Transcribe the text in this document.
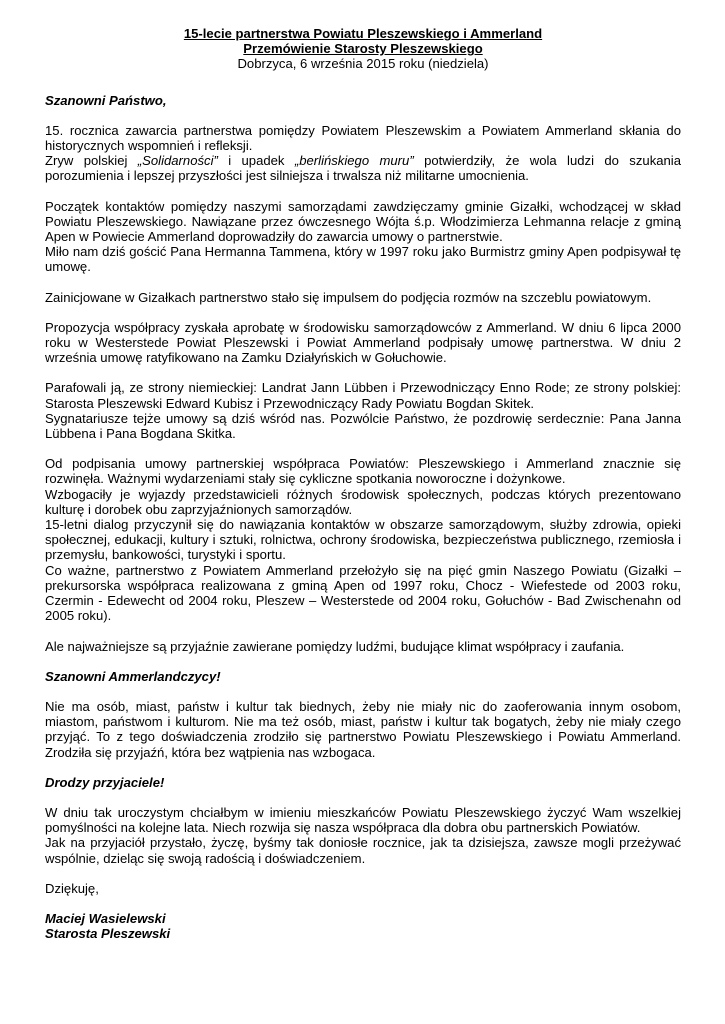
15-lecie partnerstwa Powiatu Pleszewskiego i Ammerland
Przemówienie Starosty Pleszewskiego
Dobrzyca, 6 września 2015 roku (niedziela)
Szanowni Państwo,
15. rocznica zawarcia partnerstwa pomiędzy Powiatem Pleszewskim a Powiatem Ammerland skłania do historycznych wspomnień i refleksji.
Zryw polskiej „Solidarności” i upadek „berlińskiego muru” potwierdziły, że wola ludzi do szukania porozumienia i lepszej przyszłości jest silniejsza i trwalsza niż militarne umocnienia.
Początek kontaktów pomiędzy naszymi samorządami zawdzięczamy gminie Gizałki, wchodzącej w skład Powiatu Pleszewskiego. Nawiązane przez ówczesnego Wójta ś.p. Włodzimierza Lehmanna relacje z gminą Apen w Powiecie Ammerland doprowadziły do zawarcia umowy o partnerstwie.
Miło nam dziś gościć Pana Hermanna Tammena, który w 1997 roku jako Burmistrz gminy Apen podpisywał tę umowę.
Zainicjowane w Gizałkach partnerstwo stało się impulsem do podjęcia rozmów na szczeblu powiatowym.
Propozycja współpracy zyskała aprobatę w środowisku samorządowców z Ammerland. W dniu 6 lipca 2000 roku w Westerstede Powiat Pleszewski i Powiat Ammerland podpisały umowę partnerstwa. W dniu 2 września umowę ratyfikowano na Zamku Działyńskich w Gołuchowie.
Parafowali ją, ze strony niemieckiej: Landrat Jann Lübben i Przewodniczący Enno Rode; ze strony polskiej: Starosta Pleszewski Edward Kubisz i Przewodniczący Rady Powiatu Bogdan Skitek.
Sygnatariusze tejże umowy są dziś wśród nas. Pozwólcie Państwo, że pozdrowię serdecznie: Pana Janna Lübbena i Pana Bogdana Skitka.
Od podpisania umowy partnerskiej współpraca Powiatów: Pleszewskiego i Ammerland znacznie się rozwinęła. Ważnymi wydarzeniami stały się cykliczne spotkania noworoczne i dożynkowe.
Wzbogaciły je wyjazdy przedstawicieli różnych środowisk społecznych, podczas których prezentowano kulturę i dorobek obu zaprzyjaźnionych samorządów.
15-letni dialog przyczynił się do nawiązania kontaktów w obszarze samorządowym, służby zdrowia, opieki społecznej, edukacji, kultury i sztuki, rolnictwa, ochrony środowiska, bezpieczeństwa publicznego, rzemiosła i przemysłu, bankowości, turystyki i sportu.
Co ważne, partnerstwo z Powiatem Ammerland przełożyło się na pięć gmin Naszego Powiatu (Gizałki – prekursorska współpraca realizowana z gminą Apen od 1997 roku, Chocz - Wiefestede od 2003 roku, Czermin - Edewecht od 2004 roku, Pleszew – Westerstede od 2004 roku, Gołuchów - Bad Zwischenahn od 2005 roku).
Ale najważniejsze są przyjaźnie zawierane pomiędzy ludźmi, budujące klimat współpracy i zaufania.
Szanowni Ammerlandczycy!
Nie ma osób, miast, państw i kultur tak biednych, żeby nie miały nic do zaoferowania innym osobom, miastom, państwom i kulturom. Nie ma też osób, miast, państw i kultur tak bogatych, żeby nie miały czego przyjąć. To z tego doświadczenia zrodziło się partnerstwo Powiatu Pleszewskiego i Powiatu Ammerland. Zrodziła się przyjaźń, która bez wątpienia nas wzbogaca.
Drodzy przyjaciele!
W dniu tak uroczystym chciałbym w imieniu mieszkańców Powiatu Pleszewskiego życzyć Wam wszelkiej pomyślności na kolejne lata. Niech rozwija się nasza współpraca dla dobra obu partnerskich Powiatów.
Jak na przyjaciół przystało, życzę, byśmy tak doniosłe rocznice, jak ta dzisiejsza, zawsze mogli przeżywać wspólnie, dzieląc się swoją radością i doświadczeniem.
Dziękuję,
Maciej Wasielewski
Starosta Pleszewski
